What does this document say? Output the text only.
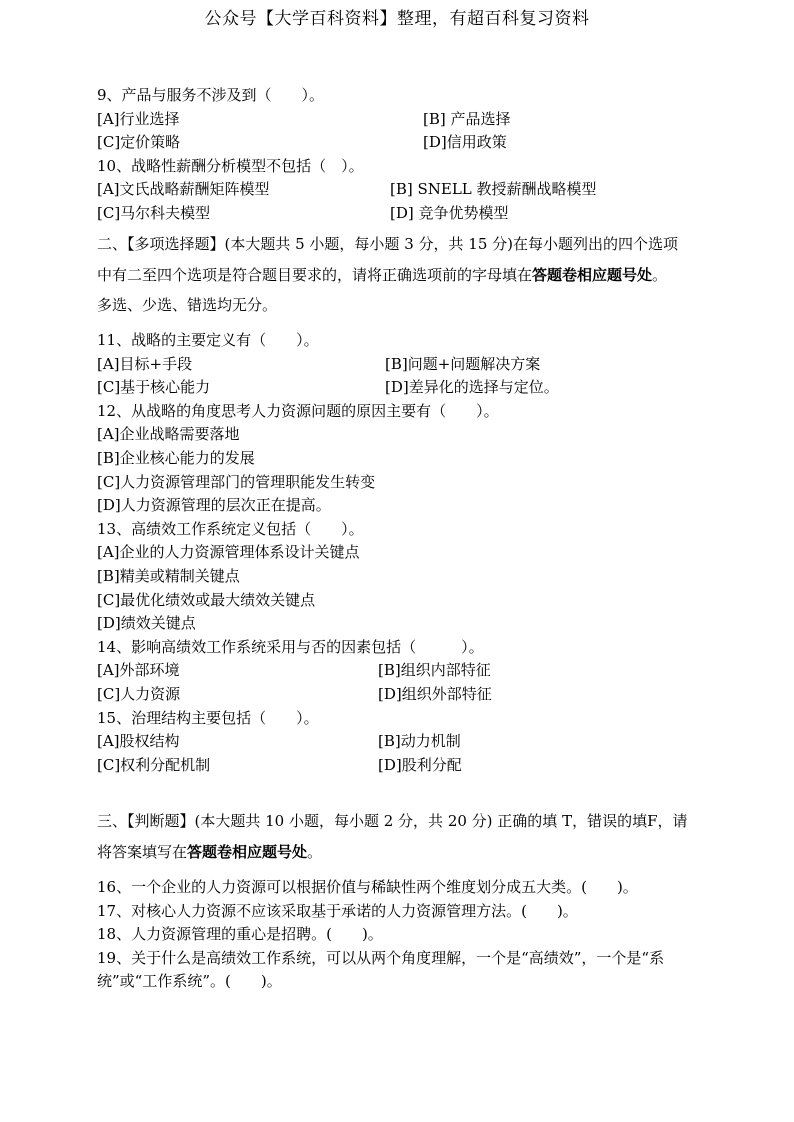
公众号【大学百科资料】整理，有超百科复习资料
9、产品与服务不涉及到（　　）。
[A]行业选择	[B] 产品选择
[C]定价策略	[D]信用政策
10、战略性薪酬分析模型不包括（　）。
[A]文氏战略薪酬矩阵模型	[B] SNELL 教授薪酬战略模型
[C]马尔科夫模型	[D] 竞争优势模型
二、【多项选择题】(本大题共 5 小题，每小题 3 分，共 15 分)在每小题列出的四个选项
中有二至四个选项是符合题目要求的，请将正确选项前的字母填在答题卷相应题号处。
多选、少选、错选均无分。
11、战略的主要定义有（　　）。
[A]目标+手段	[B]问题+问题解决方案
[C]基于核心能力	[D]差异化的选择与定位。
12、从战略的角度思考人力资源问题的原因主要有（　　）。
[A]企业战略需要落地
[B]企业核心能力的发展
[C]人力资源管理部门的管理职能发生转变
[D]人力资源管理的层次正在提高。
13、高绩效工作系统定义包括（　　）。
[A]企业的人力资源管理体系设计关键点
[B]精美或精制关键点
[C]最优化绩效或最大绩效关键点
[D]绩效关键点
14、影响高绩效工作系统采用与否的因素包括（　　　）。
[A]外部环境	[B]组织内部特征
[C]人力资源	[D]组织外部特征
15、治理结构主要包括（　　）。
[A]股权结构	[B]动力机制
[C]权利分配机制	[D]股利分配
三、【判断题】(本大题共 10 小题，每小题 2 分，共 20 分) 正确的填 T，错误的填F，请
将答案填写在答题卷相应题号处。
16、一个企业的人力资源可以根据价值与稀缺性两个维度划分成五大类。(　　)。
17、对核心人力资源不应该采取基于承诺的人力资源管理方法。(　　)。
18、人力资源管理的重心是招聘。(　　)。
19、关于什么是高绩效工作系统，可以从两个角度理解，一个是“高绩效”，一个是“系
统”或“工作系统”。(　　)。
